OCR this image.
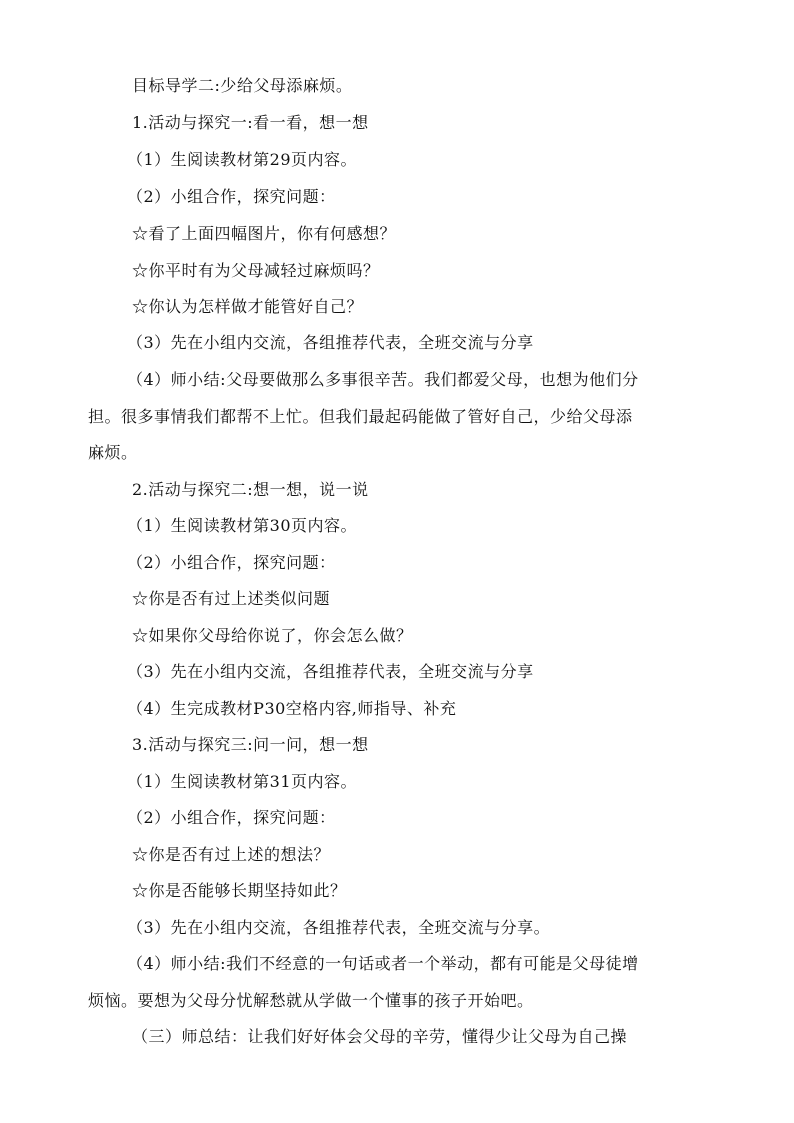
目标导学二:少给父母添麻烦。
1.活动与探究一:看一看，想一想
（1）生阅读教材第29页内容。
（2）小组合作，探究问题：
☆看了上面四幅图片，你有何感想？
☆你平时有为父母减轻过麻烦吗？
☆你认为怎样做才能管好自己？
（3）先在小组内交流，各组推荐代表，全班交流与分享
（4）师小结:父母要做那么多事很辛苦。我们都爱父母，也想为他们分
担。很多事情我们都帮不上忙。但我们最起码能做了管好自己，少给父母添
麻烦。
2.活动与探究二:想一想，说一说
（1）生阅读教材第30页内容。
（2）小组合作，探究问题：
☆你是否有过上述类似问题
☆如果你父母给你说了，你会怎么做？
（3）先在小组内交流，各组推荐代表，全班交流与分享
（4）生完成教材P30空格内容,师指导、补充
3.活动与探究三:问一问，想一想
（1）生阅读教材第31页内容。
（2）小组合作，探究问题：
☆你是否有过上述的想法？
☆你是否能够长期坚持如此？
（3）先在小组内交流，各组推荐代表，全班交流与分享。
（4）师小结:我们不经意的一句话或者一个举动，都有可能是父母徒增
烦恼。要想为父母分忧解愁就从学做一个懂事的孩子开始吧。
（三）师总结：让我们好好体会父母的辛劳，懂得少让父母为自己操
